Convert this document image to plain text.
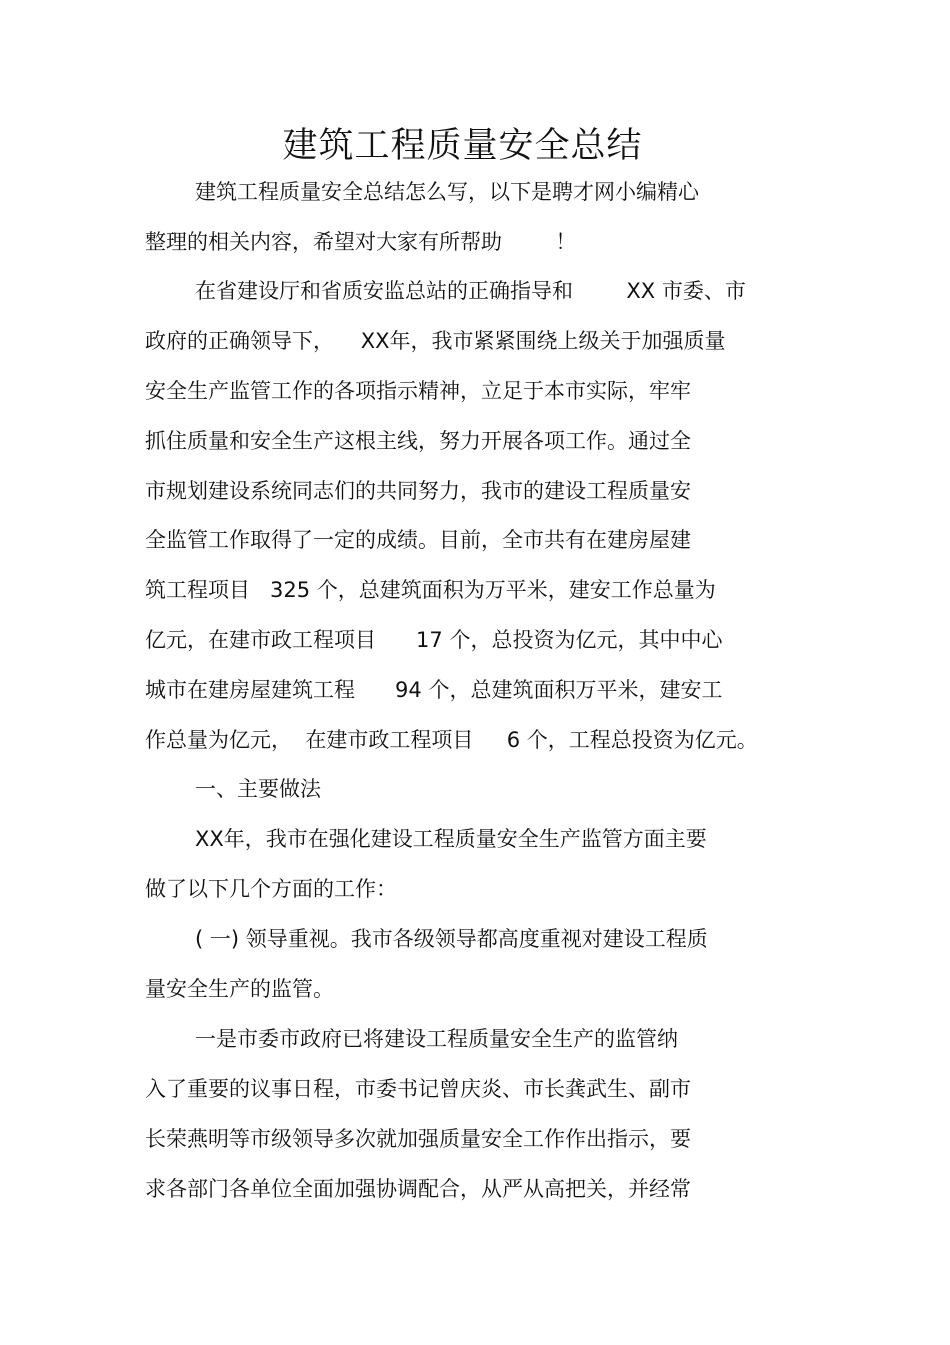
建筑工程质量安全总结
建筑工程质量安全总结怎么写，以下是聘才网小编精心
整理的相关内容，希望对大家有所帮助        ！
在省建设厅和省质安监总站的正确指导和        XX 市委、市
政府的正确领导下，    XX年，我市紧紧围绕上级关于加强质量
安全生产监管工作的各项指示精神，立足于本市实际，牢牢
抓住质量和安全生产这根主线，努力开展各项工作。通过全
市规划建设系统同志们的共同努力，我市的建设工程质量安
全监管工作取得了一定的成绩。目前，全市共有在建房屋建
筑工程项目   325 个，总建筑面积为万平米，建安工作总量为
亿元，在建市政工程项目      17 个，总投资为亿元，其中中心
城市在建房屋建筑工程      94 个，总建筑面积万平米，建安工
作总量为亿元，  在建市政工程项目     6 个，工程总投资为亿元。
一、主要做法
XX年，我市在强化建设工程质量安全生产监管方面主要
做了以下几个方面的工作：
( 一) 领导重视。我市各级领导都高度重视对建设工程质
量安全生产的监管。
一是市委市政府已将建设工程质量安全生产的监管纳
入了重要的议事日程，市委书记曾庆炎、市长龚武生、副市
长荣燕明等市级领导多次就加强质量安全工作作出指示，要
求各部门各单位全面加强协调配合，从严从高把关，并经常
